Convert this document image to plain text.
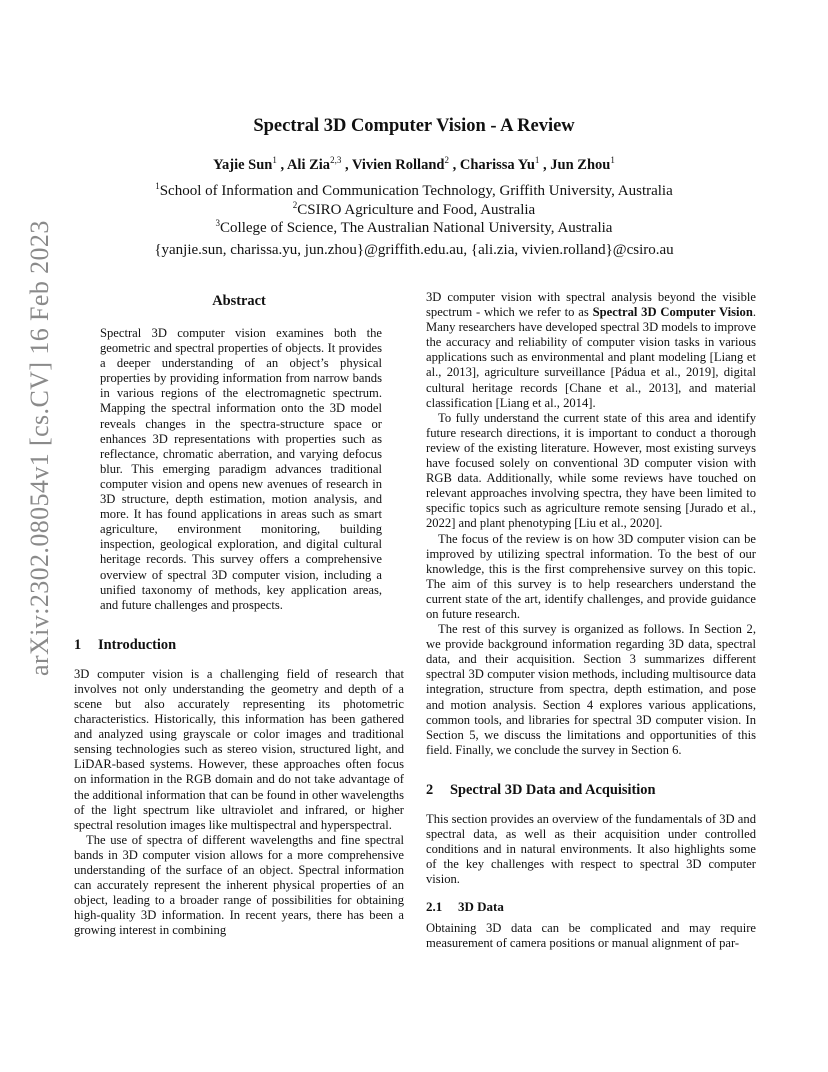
arXiv:2302.08054v1 [cs.CV] 16 Feb 2023
Spectral 3D Computer Vision - A Review
Yajie Sun$^1$ , Ali Zia$^{2,3}$ , Vivien Rolland$^2$ , Charissa Yu$^1$ , Jun Zhou$^1$
$^1$School of Information and Communication Technology, Griffith University, Australia
$^2$CSIRO Agriculture and Food, Australia
$^3$College of Science, The Australian National University, Australia
{yanjie.sun, charissa.yu, jun.zhou}@griffith.edu.au, {ali.zia, vivien.rolland}@csiro.au
Abstract

Spectral 3D computer vision examines both the geometric and spectral properties of objects. It provides a deeper understanding of an object’s physical properties by providing information from narrow bands in various regions of the electromagnetic spectrum. Mapping the spectral information onto the 3D model reveals changes in the spectra-structure space or enhances 3D representations with properties such as reflectance, chromatic aberration, and varying defocus blur. This emerging paradigm advances traditional computer vision and opens new avenues of research in 3D structure, depth estimation, motion analysis, and more. It has found applications in areas such as smart agriculture, environment monitoring, building inspection, geological exploration, and digital cultural heritage records. This survey offers a comprehensive overview of spectral 3D computer vision, including a unified taxonomy of methods, key application areas, and future challenges and prospects.

1 Introduction

3D computer vision is a challenging field of research that involves not only understanding the geometry and depth of a scene but also accurately representing its photometric characteristics. Historically, this information has been gathered and analyzed using grayscale or color images and traditional sensing technologies such as stereo vision, structured light, and LiDAR-based systems. However, these approaches often focus on information in the RGB domain and do not take advantage of the additional information that can be found in other wavelengths of the light spectrum like ultraviolet and infrared, or higher spectral resolution images like multispectral and hyperspectral.

The use of spectra of different wavelengths and fine spectral bands in 3D computer vision allows for a more comprehensive understanding of the surface of an object. Spectral information can accurately represent the inherent physical properties of an object, leading to a broader range of possibilities for obtaining high-quality 3D information. In recent years, there has been a growing interest in combining

3D computer vision with spectral analysis beyond the visible spectrum - which we refer to as Spectral 3D Computer Vision. Many researchers have developed spectral 3D models to improve the accuracy and reliability of computer vision tasks in various applications such as environmental and plant modeling [Liang et al., 2013], agriculture surveillance [Pádua et al., 2019], digital cultural heritage records [Chane et al., 2013], and material classification [Liang et al., 2014].

To fully understand the current state of this area and identify future research directions, it is important to conduct a thorough review of the existing literature. However, most existing surveys have focused solely on conventional 3D computer vision with RGB data. Additionally, while some reviews have touched on relevant approaches involving spectra, they have been limited to specific topics such as agriculture remote sensing [Jurado et al., 2022] and plant phenotyping [Liu et al., 2020].

The focus of the review is on how 3D computer vision can be improved by utilizing spectral information. To the best of our knowledge, this is the first comprehensive survey on this topic. The aim of this survey is to help researchers understand the current state of the art, identify challenges, and provide guidance on future research.

The rest of this survey is organized as follows. In Section 2, we provide background information regarding 3D data, spectral data, and their acquisition. Section 3 summarizes different spectral 3D computer vision methods, including multisource data integration, structure from spectra, depth estimation, and pose and motion analysis. Section 4 explores various applications, common tools, and libraries for spectral 3D computer vision. In Section 5, we discuss the limitations and opportunities of this field. Finally, we conclude the survey in Section 6.

2 Spectral 3D Data and Acquisition

This section provides an overview of the fundamentals of 3D and spectral data, as well as their acquisition under controlled conditions and in natural environments. It also highlights some of the key challenges with respect to spectral 3D computer vision.

2.1 3D Data

Obtaining 3D data can be complicated and may require measurement of camera positions or manual alignment of par-
